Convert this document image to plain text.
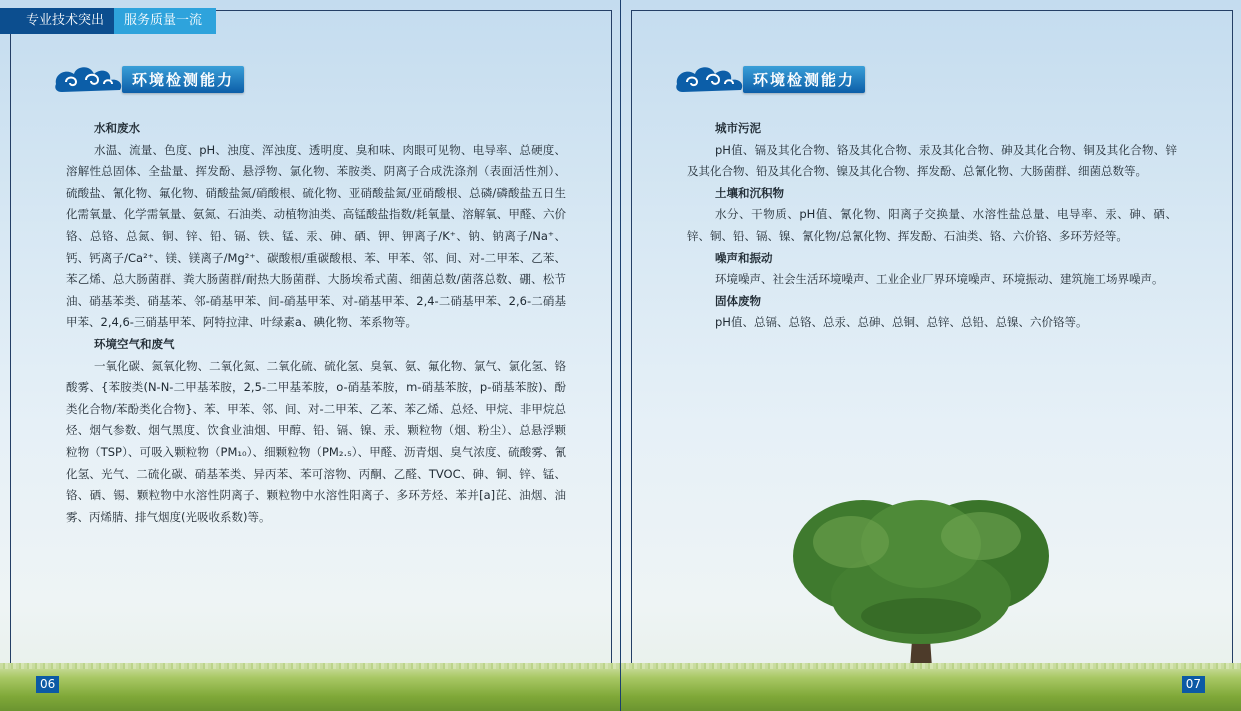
专业技术突出	服务质量一流
环境检测能力
水和废水

水温、流量、色度、pH、浊度、浑浊度、透明度、臭和味、肉眼可见物、电导率、总硬度、溶解性总固体、全盐量、挥发酚、悬浮物、氯化物、苯胺类、阴离子合成洗涤剂（表面活性剂）、硫酸盐、氰化物、氟化物、硝酸盐氮/硝酸根、硫化物、亚硝酸盐氮/亚硝酸根、总磷/磷酸盐五日生化需氧量、化学需氧量、氨氮、石油类、动植物油类、高锰酸盐指数/耗氧量、溶解氧、甲醛、六价铬、总铬、总氮、铜、锌、铅、镉、铁、锰、汞、砷、硒、钾、钾离子/K⁺、钠、钠离子/Na⁺、钙、钙离子/Ca²⁺、镁、镁离子/Mg²⁺、碳酸根/重碳酸根、苯、甲苯、邻、间、对-二甲苯、乙苯、苯乙烯、总大肠菌群、粪大肠菌群/耐热大肠菌群、大肠埃希式菌、细菌总数/菌落总数、硼、松节油、硝基苯类、硝基苯、邻-硝基甲苯、间-硝基甲苯、对-硝基甲苯、2,4-二硝基甲苯、2,6-二硝基甲苯、2,4,6-三硝基甲苯、阿特拉津、叶绿素a、碘化物、苯系物等。

环境空气和废气

一氧化碳、氮氧化物、二氧化氮、二氧化硫、硫化氢、臭氧、氨、氟化物、氯气、氯化氢、铬酸雾、{苯胺类(N-N-二甲基苯胺，2,5-二甲基苯胺，o-硝基苯胺，m-硝基苯胺，p-硝基苯胺)、酚类化合物/苯酚类化合物}、苯、甲苯、邻、间、对-二甲苯、乙苯、苯乙烯、总烃、甲烷、非甲烷总烃、烟气参数、烟气黑度、饮食业油烟、甲醇、铅、镉、镍、汞、颗粒物（烟、粉尘）、总悬浮颗粒物（TSP）、可吸入颗粒物（PM₁₀）、细颗粒物（PM₂.₅）、甲醛、沥青烟、臭气浓度、硫酸雾、氰化氢、光气、二硫化碳、硝基苯类、异丙苯、苯可溶物、丙酮、乙醛、TVOC、砷、铜、锌、锰、铬、硒、锡、颗粒物中水溶性阴离子、颗粒物中水溶性阳离子、多环芳烃、苯并[a]芘、油烟、油雾、丙烯腈、排气烟度(光吸收系数)等。

06
环境检测能力
城市污泥

pH值、镉及其化合物、铬及其化合物、汞及其化合物、砷及其化合物、铜及其化合物、锌及其化合物、铅及其化合物、镍及其化合物、挥发酚、总氰化物、大肠菌群、细菌总数等。

土壤和沉积物

水分、干物质、pH值、氰化物、阳离子交换量、水溶性盐总量、电导率、汞、砷、硒、锌、铜、铅、镉、镍、氰化物/总氰化物、挥发酚、石油类、铬、六价铬、多环芳烃等。

噪声和振动

环境噪声、社会生活环境噪声、工业企业厂界环境噪声、环境振动、建筑施工场界噪声。

固体废物

pH值、总镉、总铬、总汞、总砷、总铜、总锌、总铅、总镍、六价铬等。

07
